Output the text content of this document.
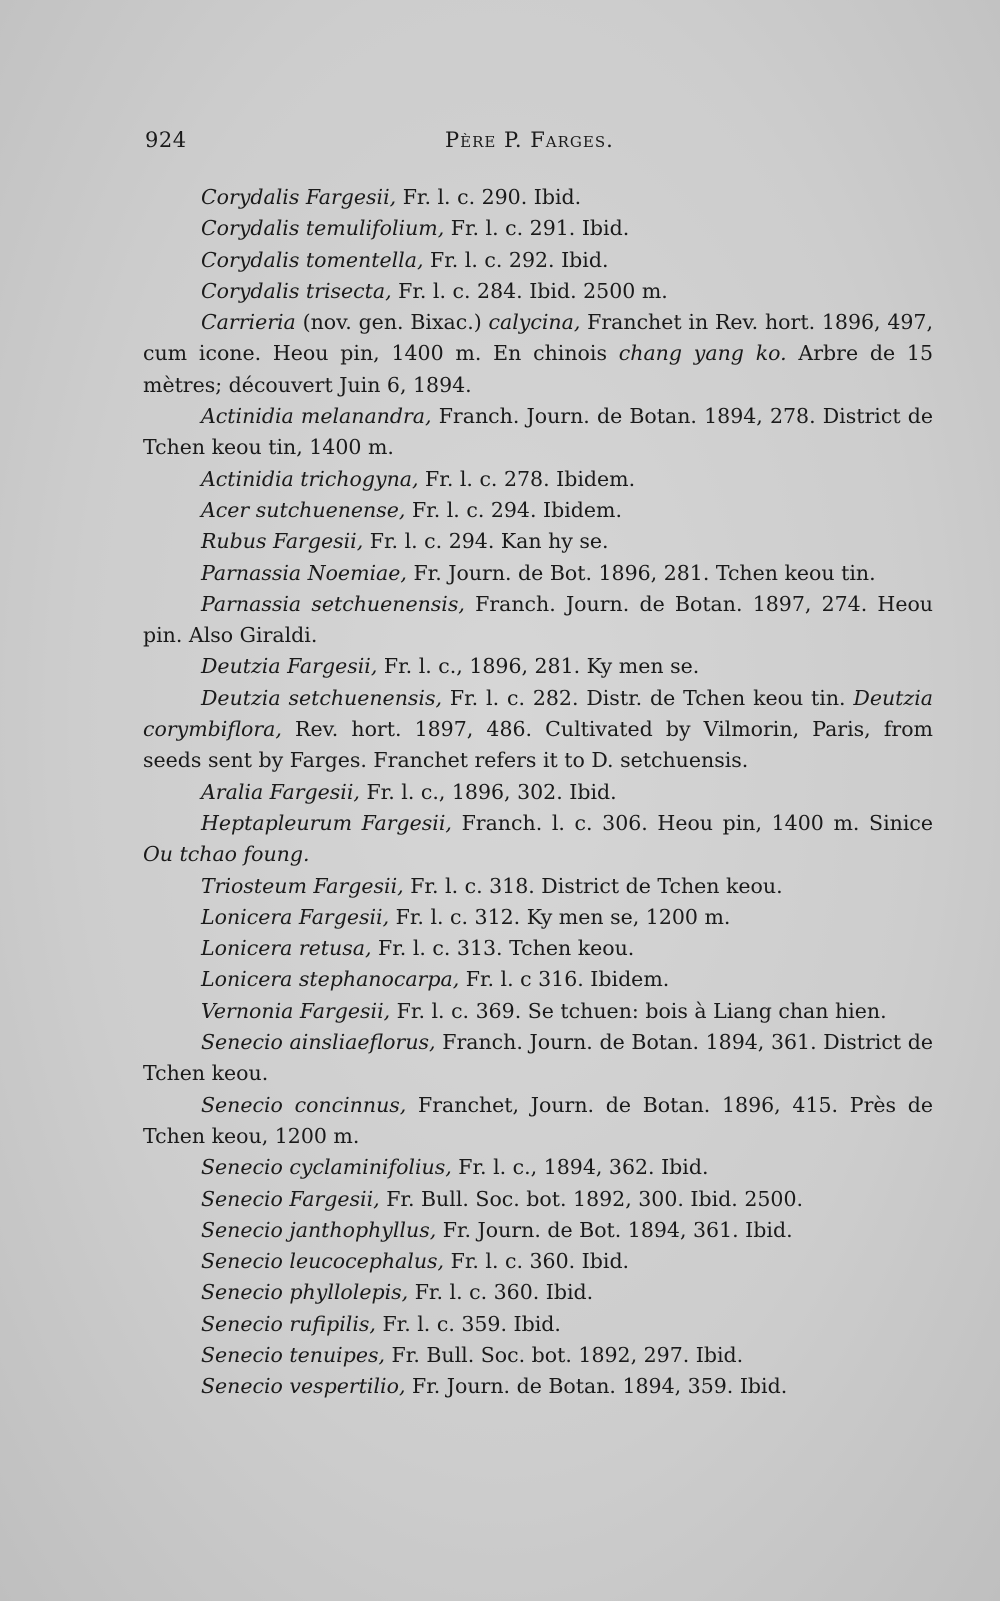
924	Père P. Farges.

Corydalis Fargesii, Fr. l. c. 290. Ibid.

Corydalis temulifolium, Fr. l. c. 291. Ibid.

Corydalis tomentella, Fr. l. c. 292. Ibid.

Corydalis trisecta, Fr. l. c. 284. Ibid. 2500 m.

Carrieria (nov. gen. Bixac.) calycina, Franchet in Rev. hort. 1896, 497, cum icone. Heou pin, 1400 m. En chinois chang yang ko. Arbre de 15 mètres; découvert Juin 6, 1894.

Actinidia melanandra, Franch. Journ. de Botan. 1894, 278. District de Tchen keou tin, 1400 m.

Actinidia trichogyna, Fr. l. c. 278. Ibidem.

Acer sutchuenense, Fr. l. c. 294. Ibidem.

Rubus Fargesii, Fr. l. c. 294. Kan hy se.

Parnassia Noemiae, Fr. Journ. de Bot. 1896, 281. Tchen keou tin.

Parnassia setchuenensis, Franch. Journ. de Botan. 1897, 274. Heou pin. Also Giraldi.

Deutzia Fargesii, Fr. l. c., 1896, 281. Ky men se.

Deutzia setchuenensis, Fr. l. c. 282. Distr. de Tchen keou tin. Deutzia corymbiflora, Rev. hort. 1897, 486. Cultivated by Vilmorin, Paris, from seeds sent by Farges. Franchet refers it to D. setchuensis.

Aralia Fargesii, Fr. l. c., 1896, 302. Ibid.

Heptapleurum Fargesii, Franch. l. c. 306. Heou pin, 1400 m. Sinice Ou tchao foung.

Triosteum Fargesii, Fr. l. c. 318. District de Tchen keou.

Lonicera Fargesii, Fr. l. c. 312. Ky men se, 1200 m.

Lonicera retusa, Fr. l. c. 313. Tchen keou.

Lonicera stephanocarpa, Fr. l. c 316. Ibidem.

Vernonia Fargesii, Fr. l. c. 369. Se tchuen: bois à Liang chan hien.

Senecio ainsliaeflorus, Franch. Journ. de Botan. 1894, 361. District de Tchen keou.

Senecio concinnus, Franchet, Journ. de Botan. 1896, 415. Près de Tchen keou, 1200 m.

Senecio cyclaminifolius, Fr. l. c., 1894, 362. Ibid.

Senecio Fargesii, Fr. Bull. Soc. bot. 1892, 300. Ibid. 2500.

Senecio janthophyllus, Fr. Journ. de Bot. 1894, 361. Ibid.

Senecio leucocephalus, Fr. l. c. 360. Ibid.

Senecio phyllolepis, Fr. l. c. 360. Ibid.

Senecio rufipilis, Fr. l. c. 359. Ibid.

Senecio tenuipes, Fr. Bull. Soc. bot. 1892, 297. Ibid.

Senecio vespertilio, Fr. Journ. de Botan. 1894, 359. Ibid.
